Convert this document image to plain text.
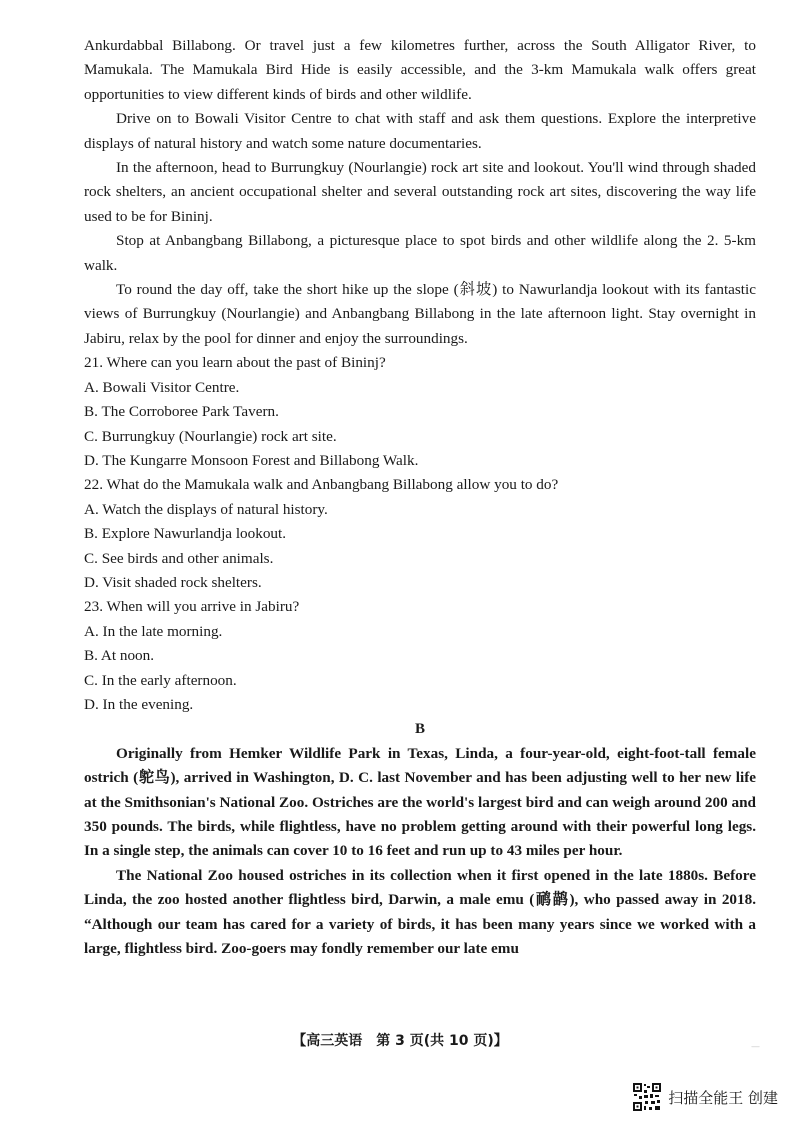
Ankurdabbal Billabong. Or travel just a few kilometres further, across the South Alligator River, to Mamukala. The Mamukala Bird Hide is easily accessible, and the 3-km Mamukala walk offers great opportunities to view different kinds of birds and other wildlife.

Drive on to Bowali Visitor Centre to chat with staff and ask them questions. Explore the interpretive displays of natural history and watch some nature documentaries.

In the afternoon, head to Burrungkuy (Nourlangie) rock art site and lookout. You'll wind through shaded rock shelters, an ancient occupational shelter and several outstanding rock art sites, discovering the way life used to be for Bininj.

Stop at Anbangbang Billabong, a picturesque place to spot birds and other wildlife along the 2. 5-km walk.

To round the day off, take the short hike up the slope (斜坡) to Nawurlandja lookout with its fantastic views of Burrungkuy (Nourlangie) and Anbangbang Billabong in the late afternoon light. Stay overnight in Jabiru, relax by the pool for dinner and enjoy the surroundings.

21. Where can you learn about the past of Bininj?

A. Bowali Visitor Centre.

B. The Corroboree Park Tavern.

C. Burrungkuy (Nourlangie) rock art site.

D. The Kungarre Monsoon Forest and Billabong Walk.

22. What do the Mamukala walk and Anbangbang Billabong allow you to do?

A. Watch the displays of natural history.

B. Explore Nawurlandja lookout.

C. See birds and other animals.

D. Visit shaded rock shelters.

23. When will you arrive in Jabiru?

A. In the late morning.

B. At noon.

C. In the early afternoon.

D. In the evening.

B

Originally from Hemker Wildlife Park in Texas, Linda, a four-year-old, eight-foot-tall female ostrich (鸵鸟), arrived in Washington, D. C. last November and has been adjusting well to her new life at the Smithsonian's National Zoo. Ostriches are the world's largest bird and can weigh around 200 and 350 pounds. The birds, while flightless, have no problem getting around with their powerful long legs. In a single step, the animals can cover 10 to 16 feet and run up to 43 miles per hour.

The National Zoo housed ostriches in its collection when it first opened in the late 1880s. Before Linda, the zoo hosted another flightless bird, Darwin, a male emu (鸸鹋), who passed away in 2018. “Although our team has cared for a variety of birds, it has been many years since we worked with a large, flightless bird. Zoo-goers may fondly remember our late emu

—
【高三英语　第 3 页(共 10 页)】
扫描全能王 创建
